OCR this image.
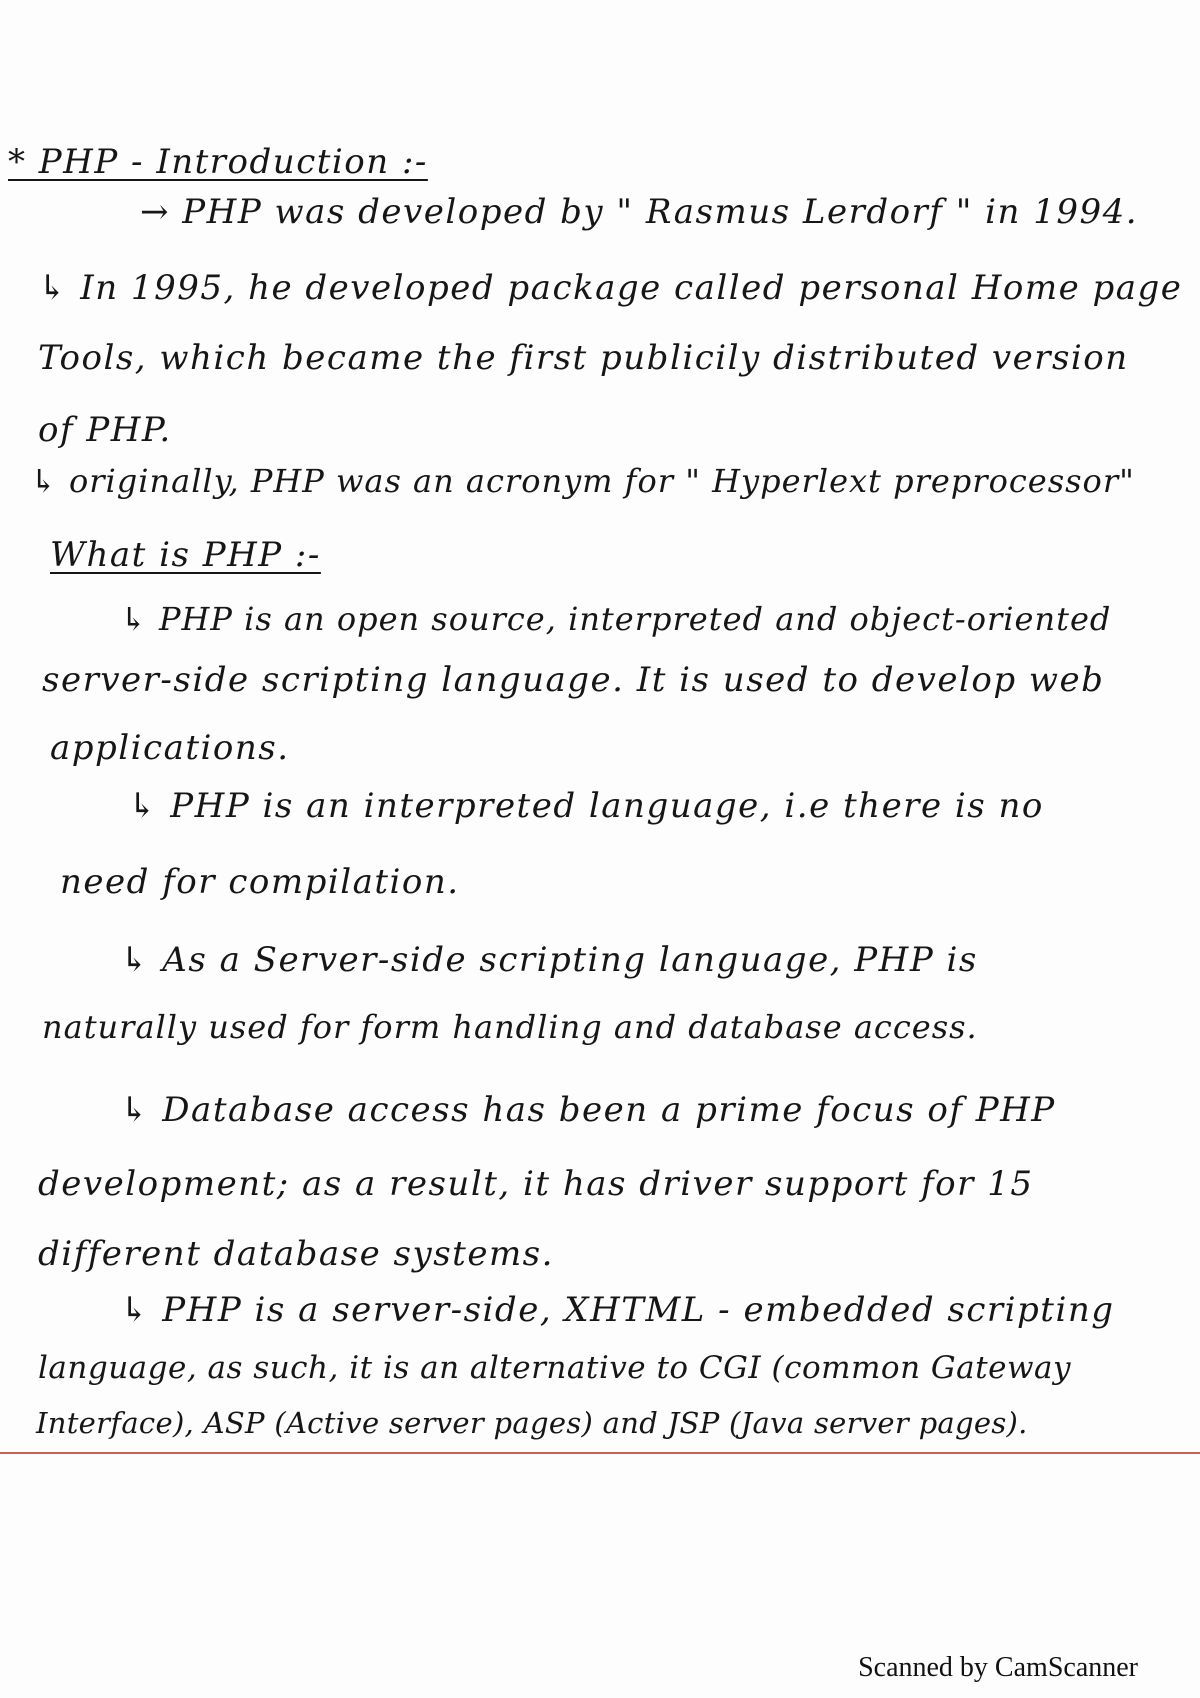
* PHP - Introduction :-
→ PHP was developed by " Rasmus Lerdorf " in 1994.
↳ In 1995, he developed package called personal Home page
Tools, which became the first publicily distributed version
of PHP.
↳ originally, PHP was an acronym for " Hyperlext preprocessor"
What is PHP :-
↳ PHP is an open source, interpreted and object-oriented
server-side scripting language. It is used to develop web
applications.
↳ PHP is an interpreted language, i.e there is no
need for compilation.
↳ As a Server-side scripting language, PHP is
naturally used for form handling and database access.
↳ Database access has been a prime focus of PHP
development; as a result, it has driver support for 15
different database systems.
↳ PHP is a server-side, XHTML - embedded scripting
language, as such, it is an alternative to CGI (common Gateway
Interface), ASP (Active server pages) and JSP (Java server pages).
Scanned by CamScanner
